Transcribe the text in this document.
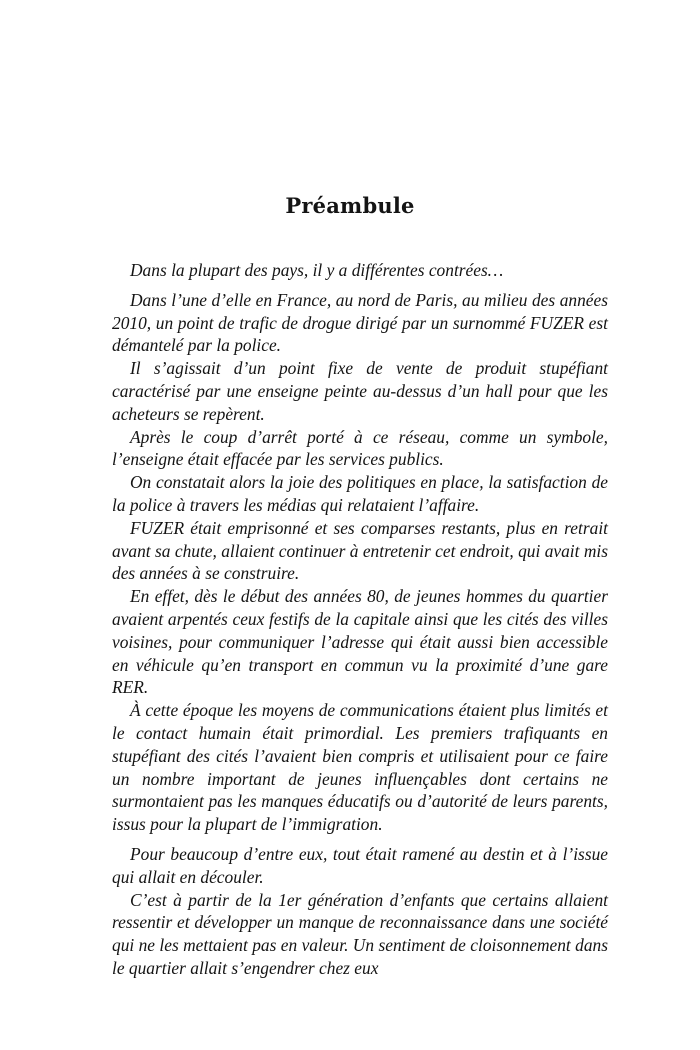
Préambule

Dans la plupart des pays, il y a différentes contrées…

Dans l’une d’elle en France, au nord de Paris, au milieu des années 2010, un point de trafic de drogue dirigé par un surnommé FUZER est démantelé par la police.

Il s’agissait d’un point fixe de vente de produit stupéfiant caractérisé par une enseigne peinte au-dessus d’un hall pour que les acheteurs se repèrent.

Après le coup d’arrêt porté à ce réseau, comme un symbole, l’enseigne était effacée par les services publics.

On constatait alors la joie des politiques en place, la satisfaction de la police à travers les médias qui relataient l’affaire.

FUZER était emprisonné et ses comparses restants, plus en retrait avant sa chute, allaient continuer à entretenir cet endroit, qui avait mis des années à se construire.

En effet, dès le début des années 80, de jeunes hommes du quartier avaient arpentés ceux festifs de la capitale ainsi que les cités des villes voisines, pour communiquer l’adresse qui était aussi bien accessible en véhicule qu’en transport en commun vu la proximité d’une gare RER.

À cette époque les moyens de communications étaient plus limités et le contact humain était primordial. Les premiers trafiquants en stupéfiant des cités l’avaient bien compris et utilisaient pour ce faire un nombre important de jeunes influençables dont certains ne surmontaient pas les manques éducatifs ou d’autorité de leurs parents, issus pour la plupart de l’immigration.

Pour beaucoup d’entre eux, tout était ramené au destin et à l’issue qui allait en découler.

C’est à partir de la 1er génération d’enfants que certains allaient ressentir et développer un manque de reconnaissance dans une société qui ne les mettaient pas en valeur. Un sentiment de cloisonnement dans le quartier allait s’engendrer chez eux
